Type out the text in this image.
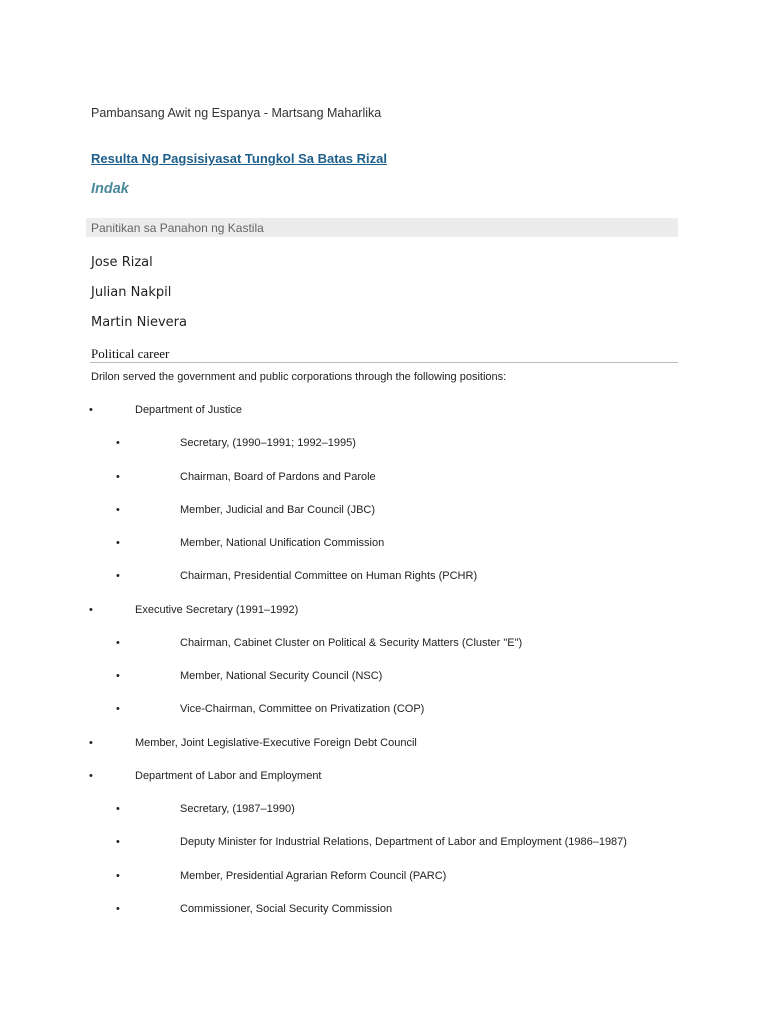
Pambansang Awit ng Espanya - Martsang Maharlika
Resulta Ng Pagsisiyasat Tungkol Sa Batas Rizal
Indak
Panitikan sa Panahon ng Kastila
Jose Rizal
Julian Nakpil
Martin Nievera
Political career
Drilon served the government and public corporations through the following positions:
•	Department of Justice
•	Secretary, (1990–1991; 1992–1995)
•	Chairman, Board of Pardons and Parole
•	Member, Judicial and Bar Council (JBC)
•	Member, National Unification Commission
•	Chairman, Presidential Committee on Human Rights (PCHR)
•	Executive Secretary (1991–1992)
•	Chairman, Cabinet Cluster on Political & Security Matters (Cluster "E")
•	Member, National Security Council (NSC)
•	Vice-Chairman, Committee on Privatization (COP)
•	Member, Joint Legislative-Executive Foreign Debt Council
•	Department of Labor and Employment
•	Secretary, (1987–1990)
•	Deputy Minister for Industrial Relations, Department of Labor and Employment (1986–1987)
•	Member, Presidential Agrarian Reform Council (PARC)
•	Commissioner, Social Security Commission
